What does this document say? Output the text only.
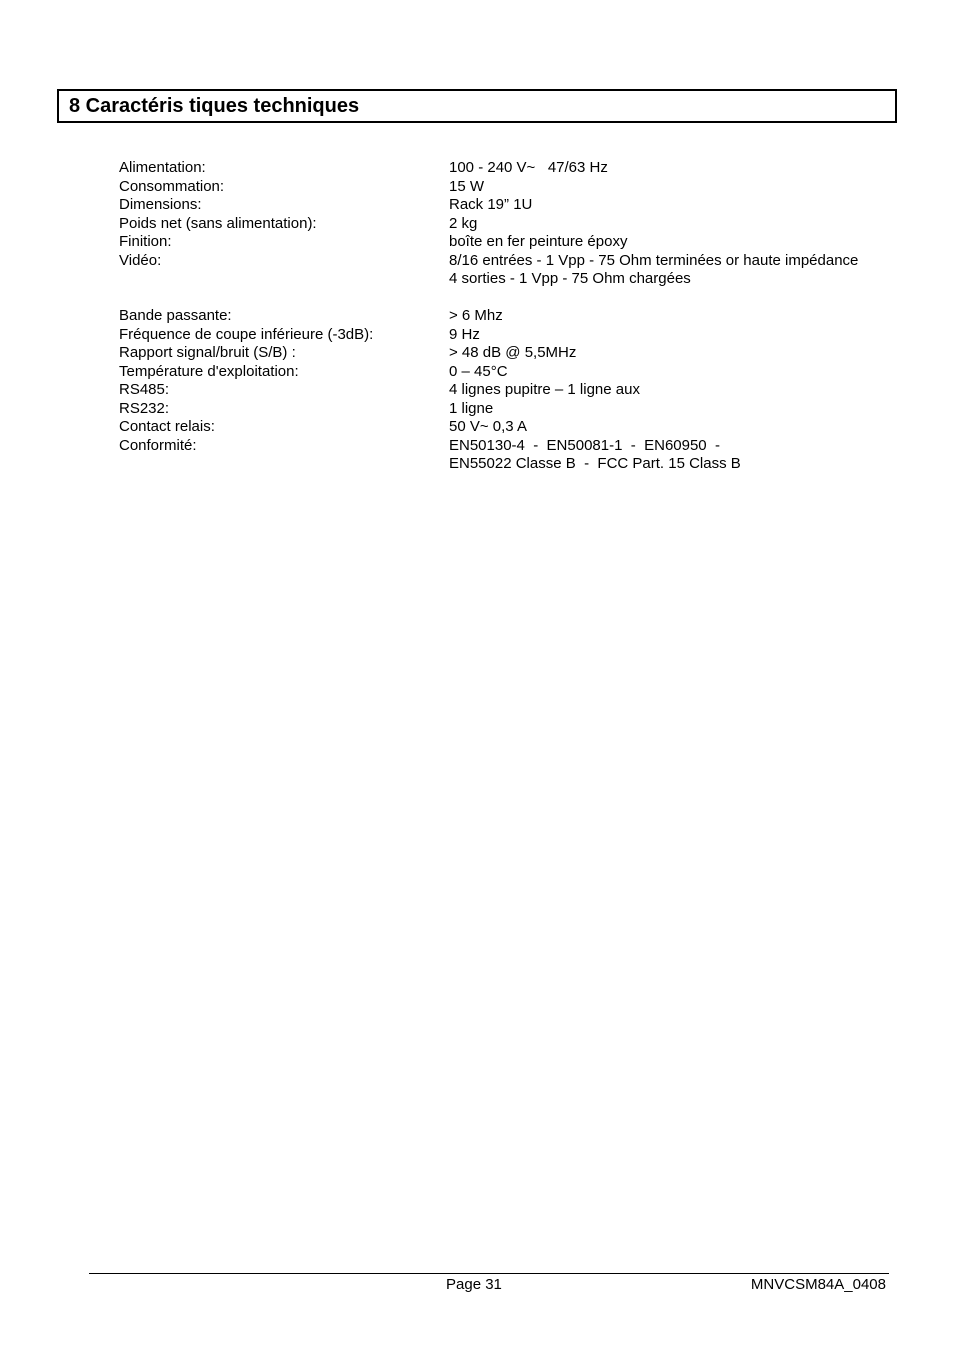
8 Caractéris tiques techniques
Alimentation:	100 - 240 V~   47/63 Hz
Consommation:	15 W
Dimensions:	Rack 19” 1U
Poids net (sans alimentation):	2 kg
Finition:	boîte en fer peinture époxy
Vidéo:	8/16 entrées - 1 Vpp - 75 Ohm terminées or haute impédance
4 sorties - 1 Vpp - 75 Ohm chargées

Bande passante:	> 6 Mhz
Fréquence de coupe inférieure (-3dB):	9 Hz
Rapport signal/bruit (S/B) :	> 48 dB @ 5,5MHz
Température d'exploitation:	0 – 45°C
RS485:	4 lignes pupitre – 1 ligne aux
RS232:	1 ligne
Contact relais:	50 V~ 0,3 A
Conformité:	EN50130-4  -  EN50081-1  -  EN60950  -
EN55022 Classe B  -  FCC Part. 15 Class B
Page 31	MNVCSM84A_0408
